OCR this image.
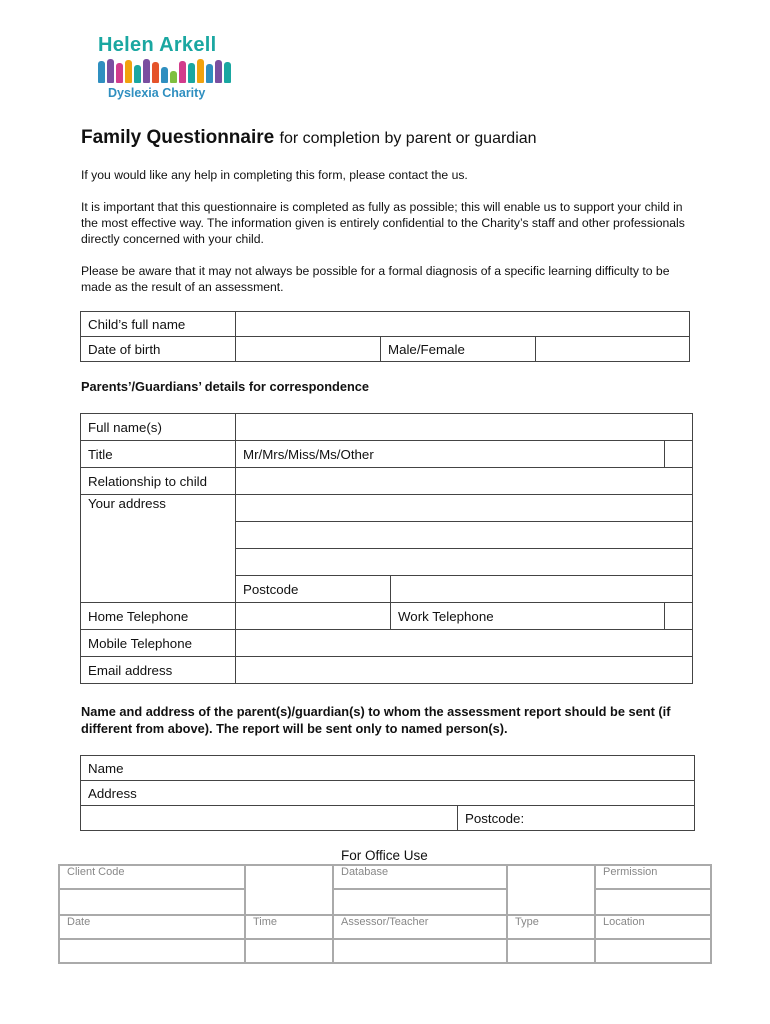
Helen Arkell
Dyslexia Charity
Family Questionnaire for completion by parent or guardian
If you would like any help in completing this form, please contact the us.
It is important that this questionnaire is completed as fully as possible; this will enable us to support your child in the most effective way. The information given is entirely confidential to the Charity’s staff and other professionals directly concerned with your child.
Please be aware that it may not always be possible for a formal diagnosis of a specific learning difficulty to be made as the result of an assessment.
Child’s full name			
Date of birth		Male/Female	
Parents’/Guardians’ details for correspondence
Full name(s)			
Title	Mr/Mrs/Miss/Ms/Other		
Relationship to child			
Your address			

	Postcode		
Home Telephone		Work Telephone	
Mobile Telephone			
Email address			
Name and address of the parent(s)/guardian(s) to whom the assessment report should be sent (if different from above). The report will be sent only to named person(s).
Name
Address
	Postcode:
For Office Use
Client Code		Database		Permission

Date	Time	Assessor/Teacher	Type	Location
